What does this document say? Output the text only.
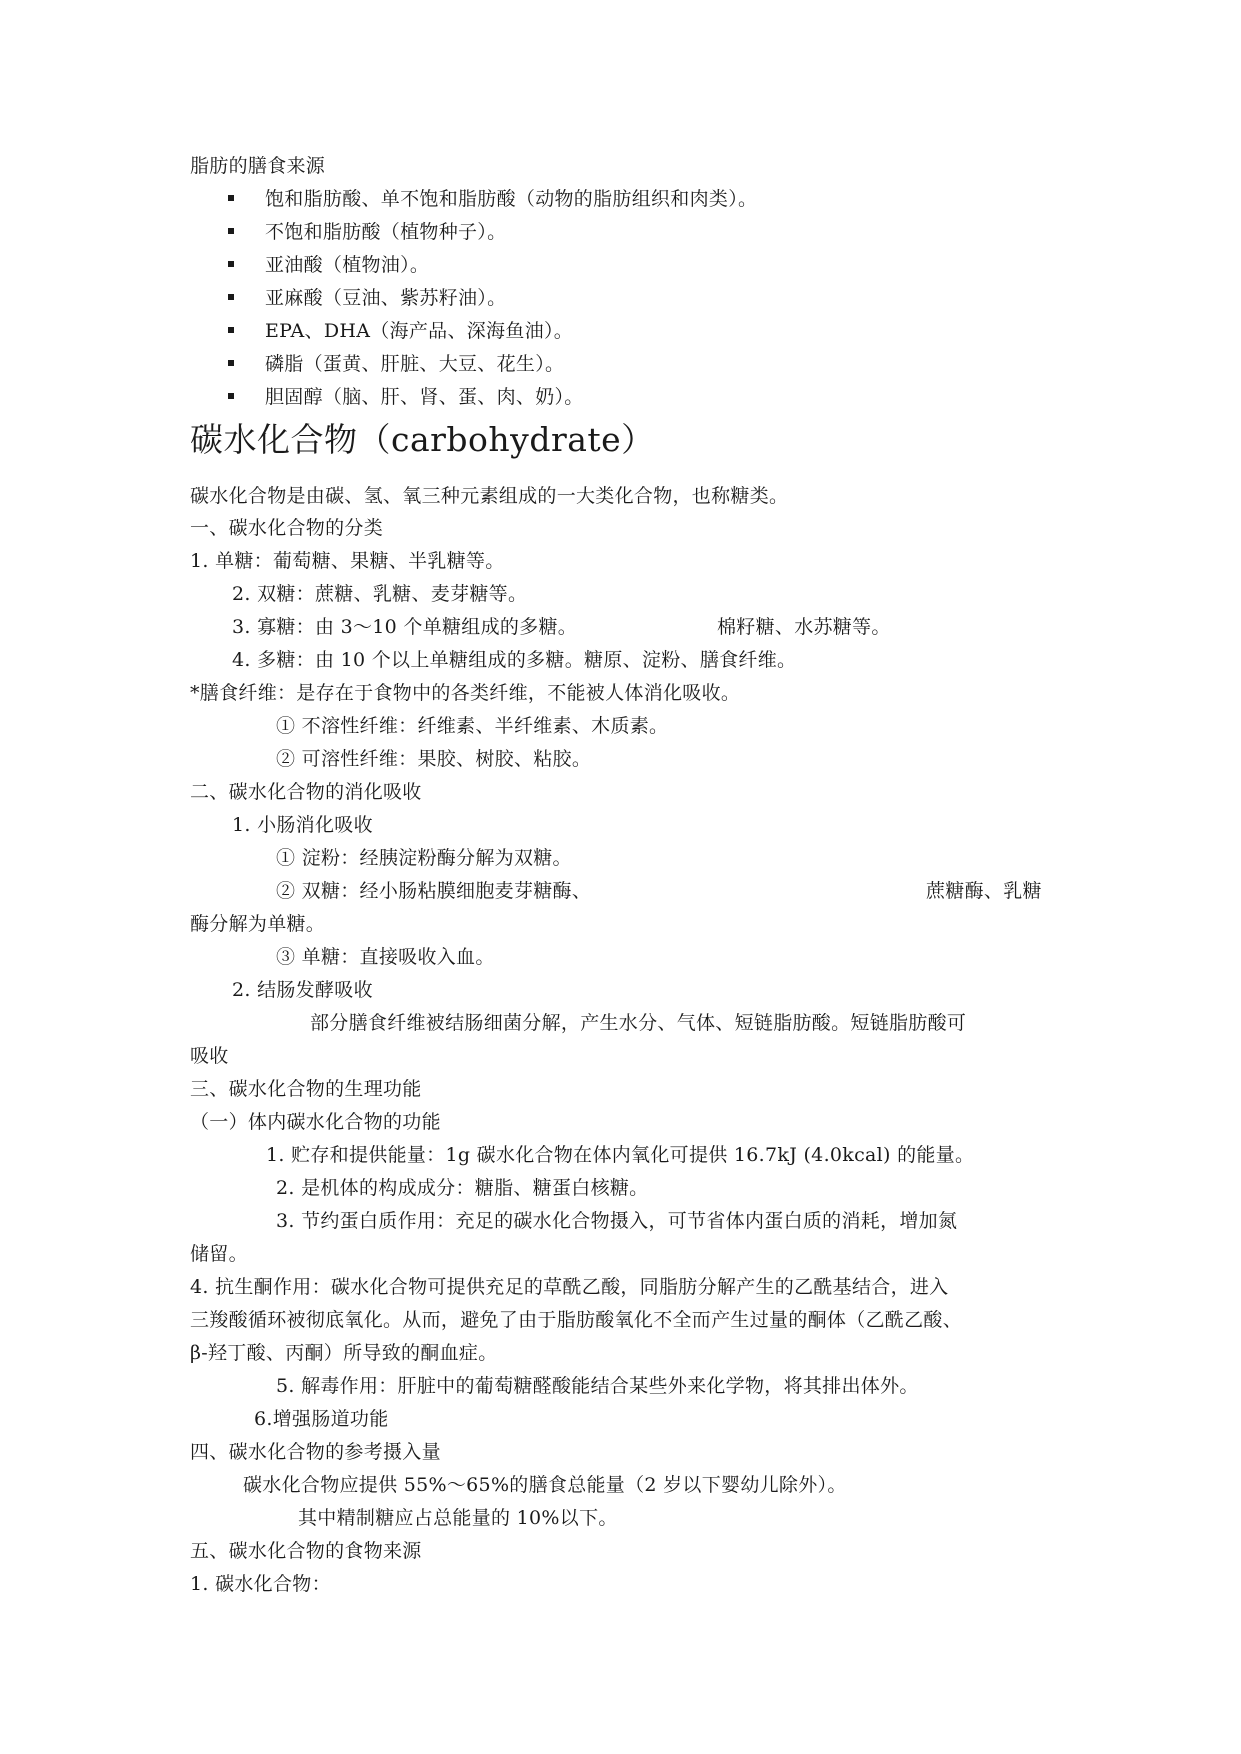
脂肪的膳食来源
饱和脂肪酸、单不饱和脂肪酸（动物的脂肪组织和肉类）。
不饱和脂肪酸（植物种子）。
亚油酸（植物油）。
亚麻酸（豆油、紫苏籽油）。
EPA、DHA（海产品、深海鱼油）。
磷脂（蛋黄、肝脏、大豆、花生）。
胆固醇（脑、肝、肾、蛋、肉、奶）。
碳水化合物（carbohydrate）
碳水化合物是由碳、氢、氧三种元素组成的一大类化合物，也称糖类。
一、碳水化合物的分类
1. 单糖：葡萄糖、果糖、半乳糖等。
2. 双糖：蔗糖、乳糖、麦芽糖等。
3. 寡糖：由 3～10 个单糖组成的多糖。	棉籽糖、水苏糖等。
4. 多糖：由 10 个以上单糖组成的多糖。糖原、淀粉、膳食纤维。
*膳食纤维：是存在于食物中的各类纤维，不能被人体消化吸收。
① 不溶性纤维：纤维素、半纤维素、木质素。
② 可溶性纤维：果胶、树胶、粘胶。
二、碳水化合物的消化吸收
1. 小肠消化吸收
① 淀粉：经胰淀粉酶分解为双糖。
② 双糖：经小肠粘膜细胞麦芽糖酶、	蔗糖酶、乳糖
酶分解为单糖。
③ 单糖：直接吸收入血。
2. 结肠发酵吸收
部分膳食纤维被结肠细菌分解，产生水分、气体、短链脂肪酸。短链脂肪酸可
吸收
三、碳水化合物的生理功能
（一）体内碳水化合物的功能
1. 贮存和提供能量：1g 碳水化合物在体内氧化可提供 16.7kJ (4.0kcal) 的能量。
2. 是机体的构成成分：糖脂、糖蛋白核糖。
3. 节约蛋白质作用：充足的碳水化合物摄入，可节省体内蛋白质的消耗，增加氮
储留。
4. 抗生酮作用：碳水化合物可提供充足的草酰乙酸，同脂肪分解产生的乙酰基结合，进入
三羧酸循环被彻底氧化。从而，避免了由于脂肪酸氧化不全而产生过量的酮体（乙酰乙酸、
β-羟丁酸、丙酮）所导致的酮血症。
5. 解毒作用：肝脏中的葡萄糖醛酸能结合某些外来化学物，将其排出体外。
6.增强肠道功能
四、碳水化合物的参考摄入量
碳水化合物应提供 55%～65%的膳食总能量（2 岁以下婴幼儿除外）。
其中精制糖应占总能量的 10%以下。
五、碳水化合物的食物来源
1. 碳水化合物：
